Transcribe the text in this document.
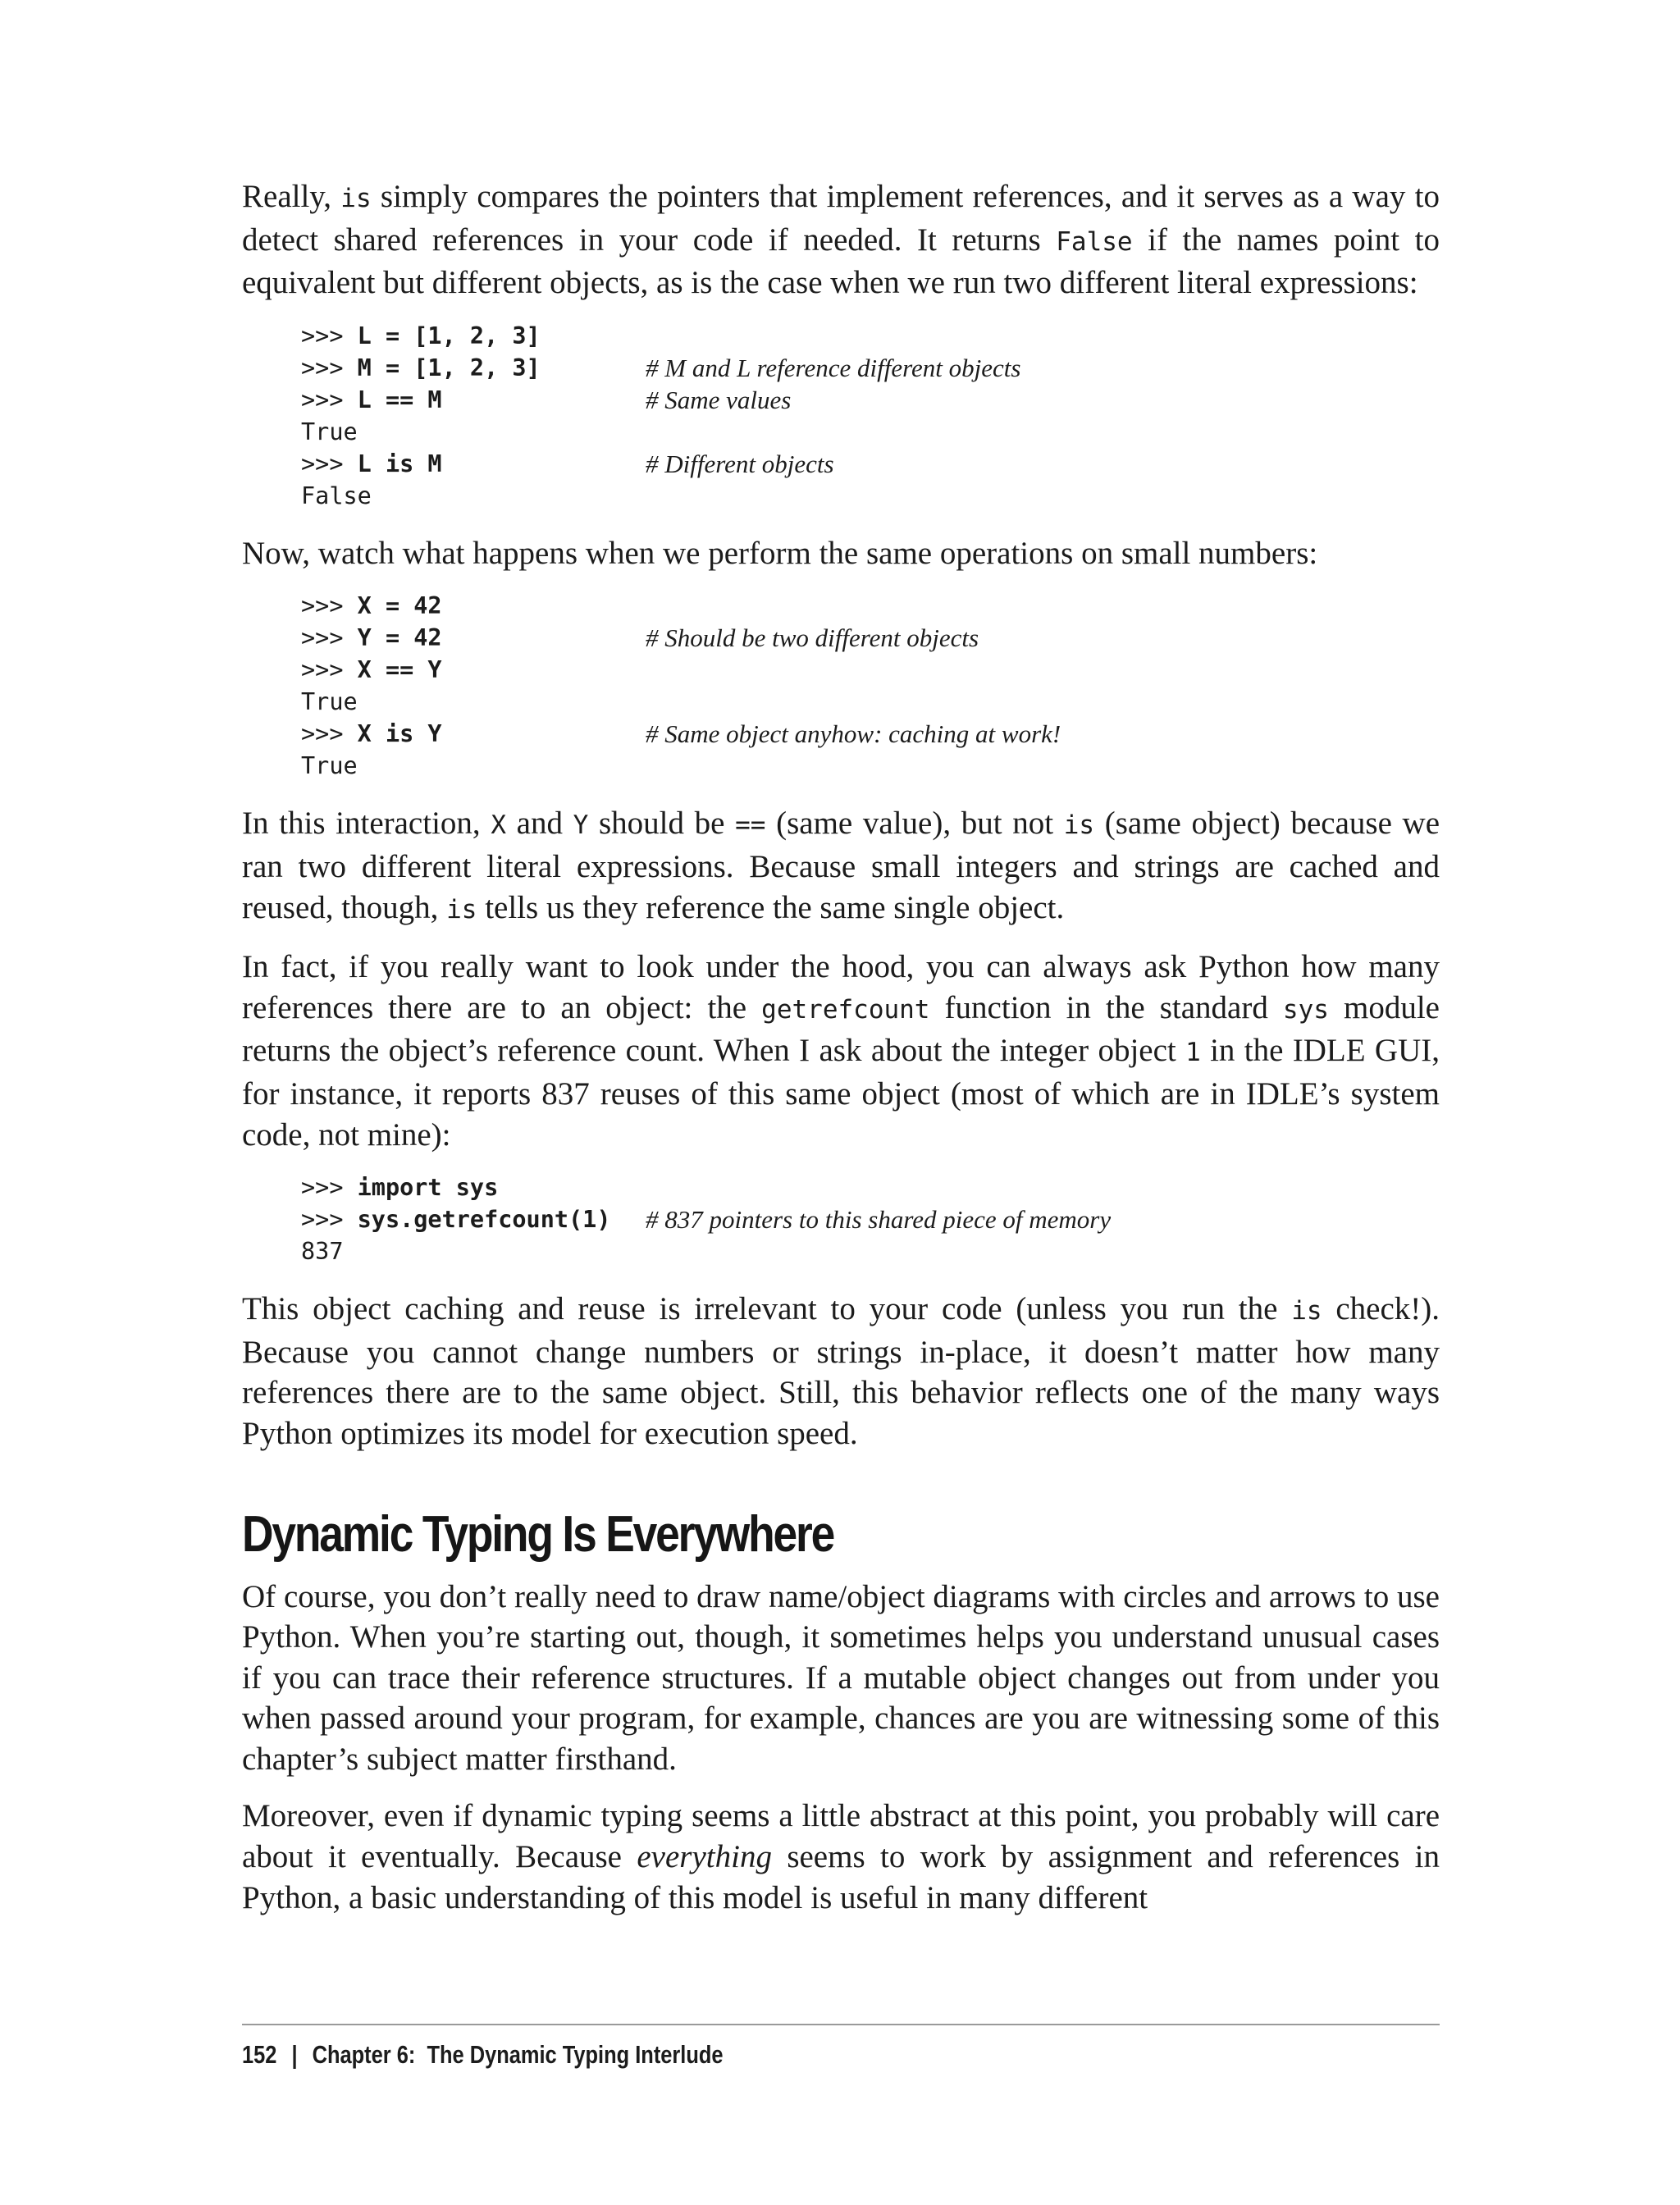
Really, is simply compares the pointers that implement references, and it serves as a way to detect shared references in your code if needed. It returns False if the names point to equivalent but different objects, as is the case when we run two different literal expressions:

>>> L = [1, 2, 3]
>>> M = [1, 2, 3]	# M and L reference different objects
>>> L == M	# Same values
True
>>> L is M	# Different objects
False

Now, watch what happens when we perform the same operations on small numbers:

>>> X = 42
>>> Y = 42	# Should be two different objects
>>> X == Y
True
>>> X is Y	# Same object anyhow: caching at work!
True

In this interaction, X and Y should be == (same value), but not is (same object) because we ran two different literal expressions. Because small integers and strings are cached and reused, though, is tells us they reference the same single object.

In fact, if you really want to look under the hood, you can always ask Python how many references there are to an object: the getrefcount function in the standard sys module returns the object’s reference count. When I ask about the integer object 1 in the IDLE GUI, for instance, it reports 837 reuses of this same object (most of which are in IDLE’s system code, not mine):

>>> import sys
>>> sys.getrefcount(1)	# 837 pointers to this shared piece of memory
837

This object caching and reuse is irrelevant to your code (unless you run the is check!). Because you cannot change numbers or strings in-place, it doesn’t matter how many references there are to the same object. Still, this behavior reflects one of the many ways Python optimizes its model for execution speed.

Dynamic Typing Is Everywhere

Of course, you don’t really need to draw name/object diagrams with circles and arrows to use Python. When you’re starting out, though, it sometimes helps you understand unusual cases if you can trace their reference structures. If a mutable object changes out from under you when passed around your program, for example, chances are you are witnessing some of this chapter’s subject matter firsthand.

Moreover, even if dynamic typing seems a little abstract at this point, you probably will care about it eventually. Because everything seems to work by assignment and references in Python, a basic understanding of this model is useful in many different

152 | Chapter 6:  The Dynamic Typing Interlude
